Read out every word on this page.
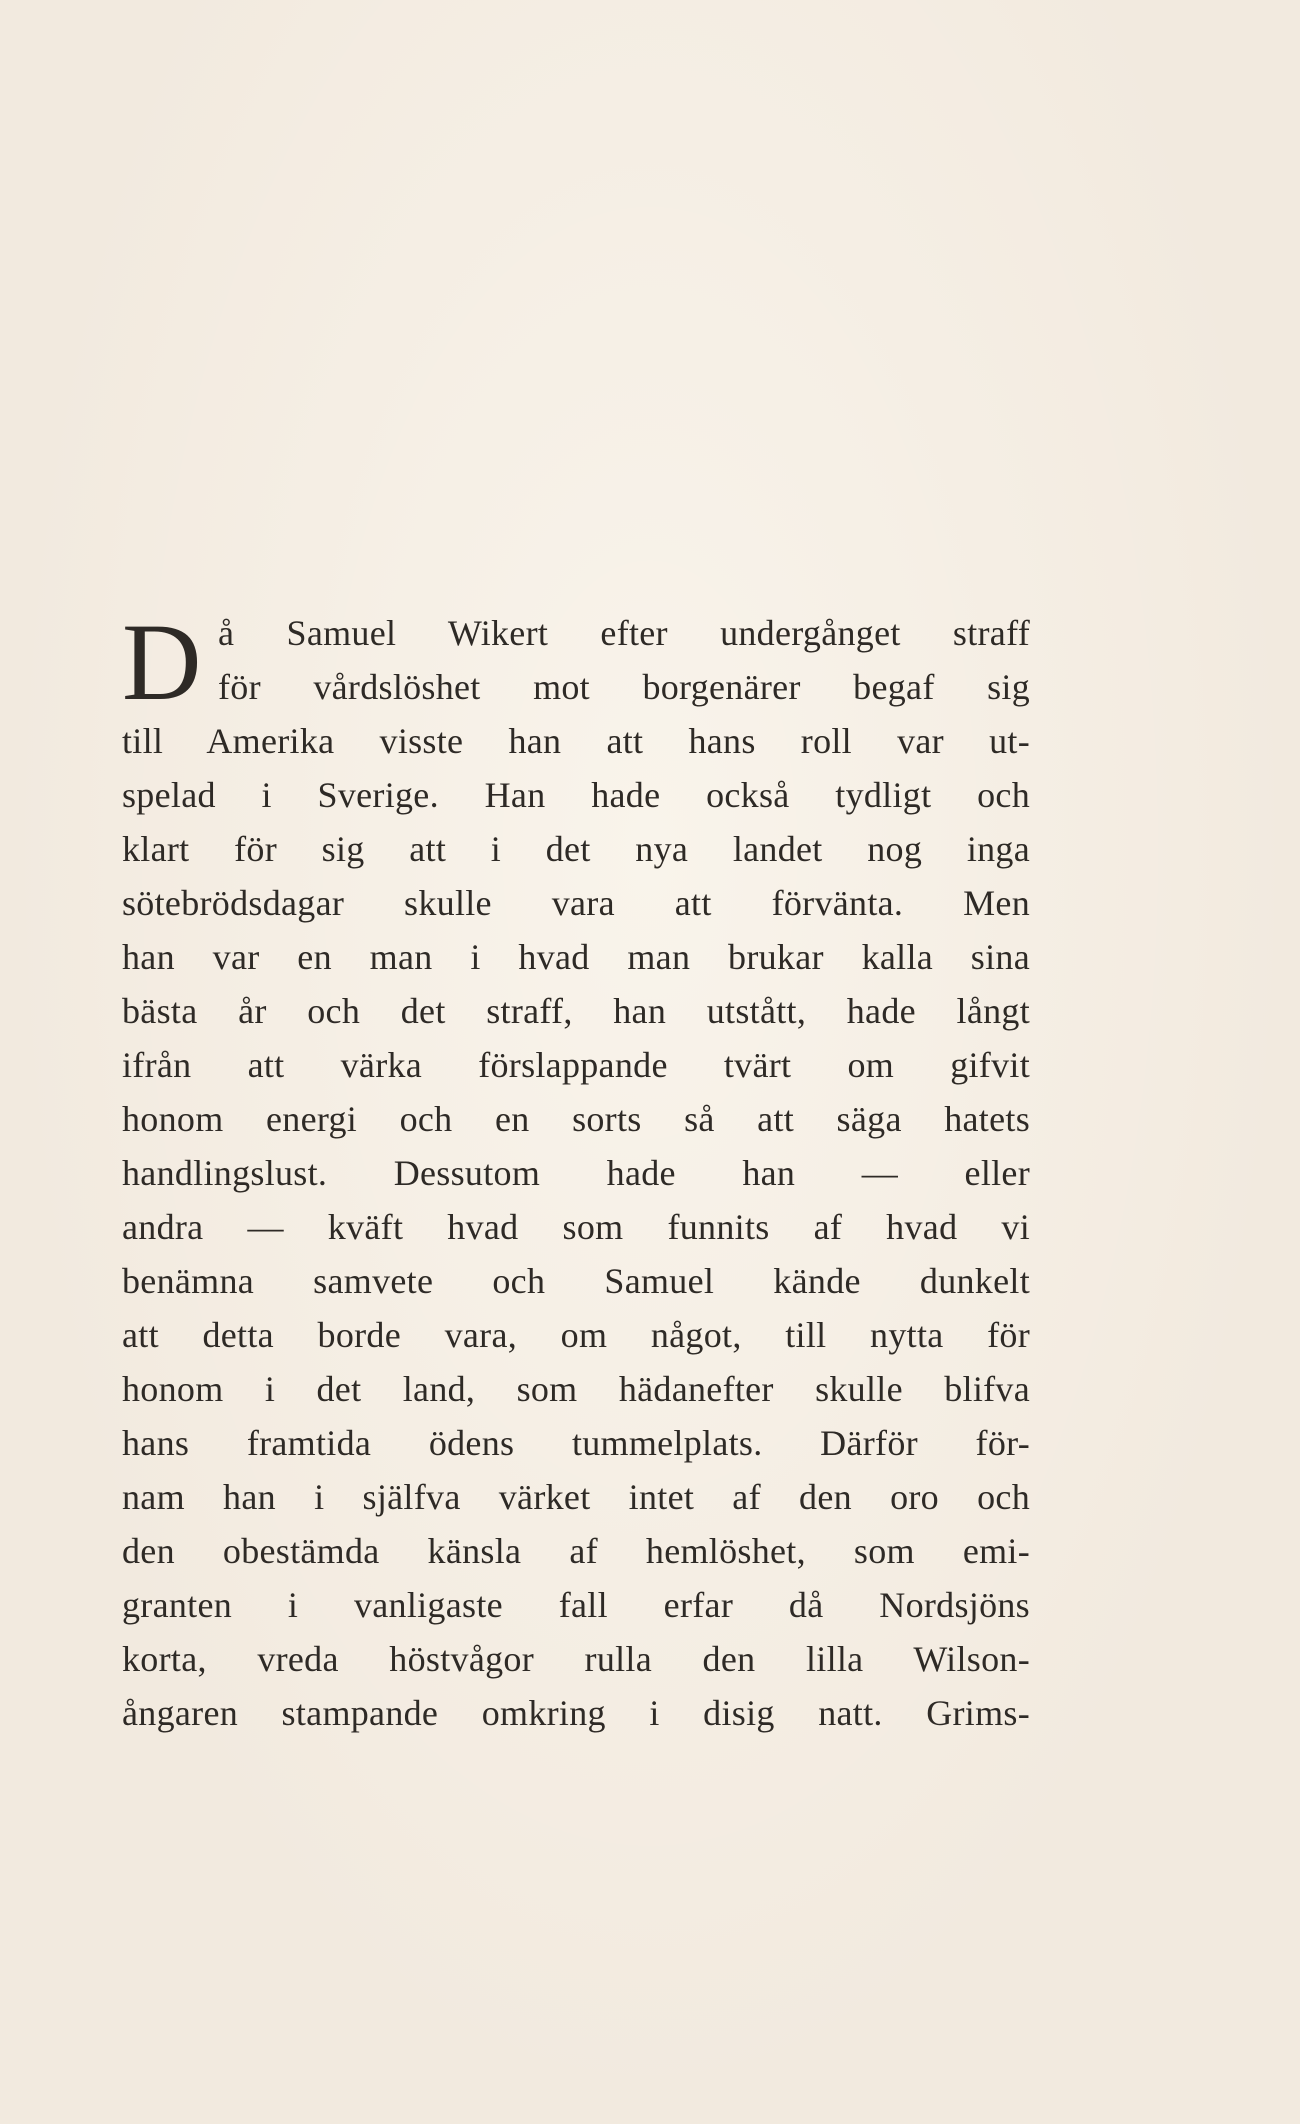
D å Samuel Wikert efter undergånget straff
för vårdslöshet mot borgenärer begaf sig
till Amerika visste han att hans roll var ut-
spelad i Sverige. Han hade också tydligt och
klart för sig att i det nya landet nog inga
sötebrödsdagar skulle vara att förvänta. Men
han var en man i hvad man brukar kalla sina
bästa år och det straff, han utstått, hade långt
ifrån att värka förslappande tvärt om gifvit
honom energi och en sorts så att säga hatets
handlingslust. Dessutom hade han — eller
andra — kväft hvad som funnits af hvad vi
benämna samvete och Samuel kände dunkelt
att detta borde vara, om något, till nytta för
honom i det land, som hädanefter skulle blifva
hans framtida ödens tummelplats. Därför för-
nam han i själfva värket intet af den oro och
den obestämda känsla af hemlöshet, som emi-
granten i vanligaste fall erfar då Nordsjöns
korta, vreda höstvågor rulla den lilla Wilson-
ångaren stampande omkring i disig natt. Grims-
